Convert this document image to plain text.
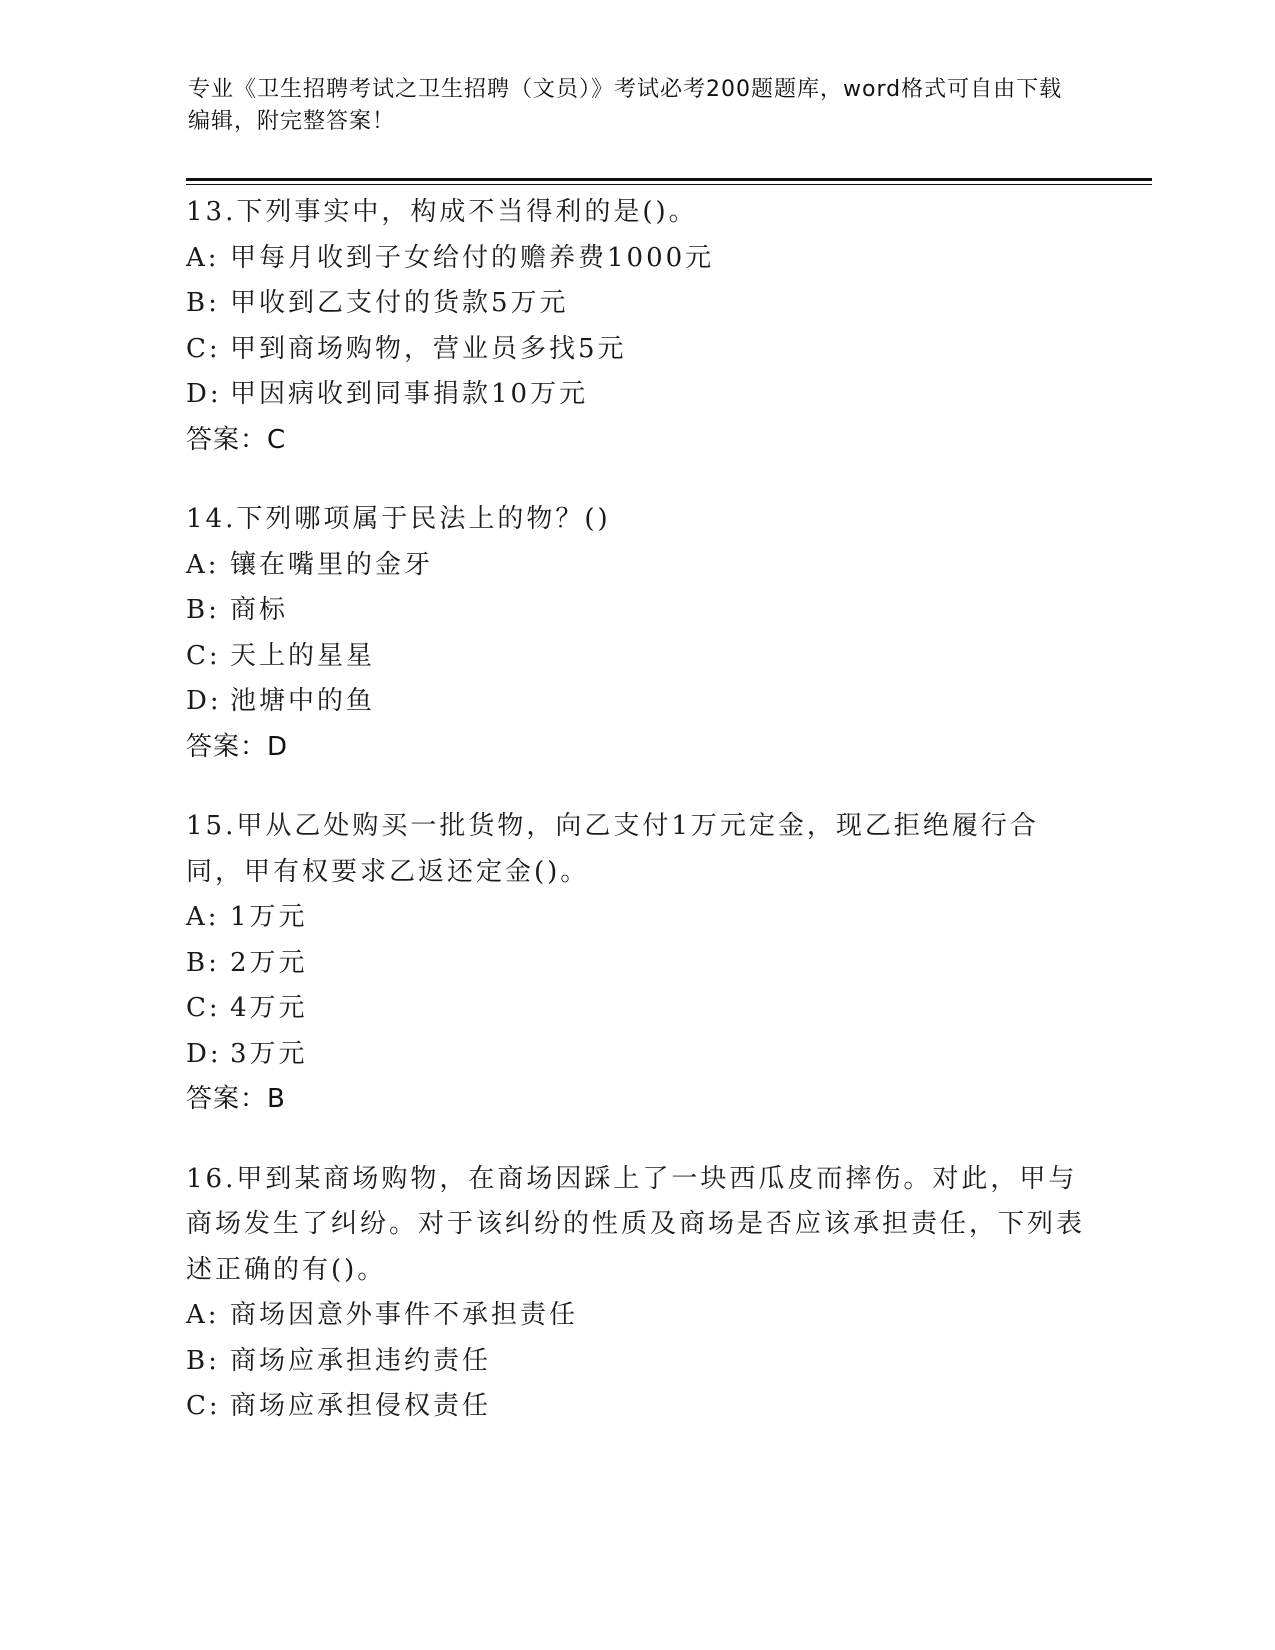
专业《卫生招聘考试之卫生招聘（文员）》考试必考200题题库，word格式可自由下载编辑，附完整答案！
13.下列事实中，构成不当得利的是()。
A: 甲每月收到子女给付的赡养费1000元
B: 甲收到乙支付的货款5万元
C: 甲到商场购物，营业员多找5元
D: 甲因病收到同事捐款10万元
答案：C
14.下列哪项属于民法上的物？()
A: 镶在嘴里的金牙
B: 商标
C: 天上的星星
D: 池塘中的鱼
答案：D
15.甲从乙处购买一批货物，向乙支付1万元定金，现乙拒绝履行合同，甲有权要求乙返还定金()。
A: 1万元
B: 2万元
C: 4万元
D: 3万元
答案：B
16.甲到某商场购物，在商场因踩上了一块西瓜皮而摔伤。对此，甲与商场发生了纠纷。对于该纠纷的性质及商场是否应该承担责任，下列表述正确的有()。
A: 商场因意外事件不承担责任
B: 商场应承担违约责任
C: 商场应承担侵权责任
